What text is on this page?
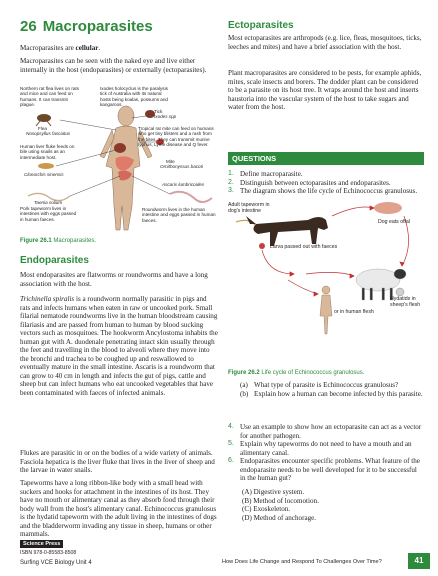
26 Macroparasites
Macroparasites are cellular.
Macroparasites can be seen with the naked eye and live either internally in the host (endoparasites) or externally (ectoparasites).
Northern rat flea lives on rats and mice and can feed on humans. It can transmit plague.
Flea
Nosopsyllus fasciatus
Ixodes holocyclus is the paralysis tick of Australia with its natural hosts being koalas, possums and kangaroos.
Tick
Ixodes spp
Tropical rat mite can feed on humans who get tiny blisters and a rash from the bites. They can transmit murine typhus, Lyme disease and Q fever.
Mite
Ornithonyssus bacoti
Human liver fluke feeds on bile using snails as an intermediate host.
Clonorchis sinensis
Ascaris lumbricoides
Taenia solium
Pork tapeworm lives in intestines with eggs passed in human faeces.
Roundworm lives in the human intestine and eggs passed in human faeces.
Figure 26.1 Macroparasites.
Endoparasites
Most endoparasites are flatworms or roundworms and have a long association with the host.
Trichinella spiralis is a roundworm normally parasitic in pigs and rats and infects humans when eaten in raw or uncooked pork. Small filarial nematode roundworms live in the human bloodstream causing filariasis and are passed from human to human by blood sucking vectors such as mosquitoes. The hookworm Ancylostoma inhabits the human gut with A. duodenale penetrating intact skin usually through the feet and travelling in the blood to alveoli where they move into the bronchi and trachea to be coughed up and reswallowed to eventually mature in the small intestine. Ascaris is a roundworm that can grow to 40 cm in length and infects the gut of pigs, cattle and sheep but can infect humans who eat uncooked vegetables that have been contaminated with faeces of infected animals.
Flukes are parasitic in or on the bodies of a wide variety of animals. Fasciola hepatica is the liver fluke that lives in the liver of sheep and the larvae in water snails.
Tapeworms have a long ribbon-like body with a small head with suckers and hooks for attachment in the intestines of its host. They have no mouth or alimentary canal as they absorb food through their body wall from the host's alimentary canal. Echinococcus granulosus is the hydatid tapeworm with the adult living in the intestines of dogs and the bladderworm invading any tissue in sheep, humans or other mammals.
Ectoparasites
Most ectoparasites are arthropods (e.g. lice, fleas, mosquitoes, ticks, leeches and mites) and have a brief association with the host.
Plant macroparasites are considered to be pests, for example aphids, mites, scale insects and borers. The dodder plant can be considered to be a parasite on its host tree. It wraps around the host and inserts haustoria into the vascular system of the host to take sugars and water from the host.
QUESTIONS
1. Define macroparasite.
2. Distinguish between ectoparasites and endoparasites.
3. The diagram shows the life cycle of Echinococcus granulosus.
Adult tapeworm in dog's intestine
Dog eats offal
Larva passed out with faeces
Hydatids in sheep's flesh
or in human flesh
Figure 26.2 Life cycle of Echinococcus granulosus.
(a) What type of parasite is Echinococcus granulosus?
(b) Explain how a human can become infected by this parasite.
4. Use an example to show how an ectoparasite can act as a vector for another pathogen.
5. Explain why tapeworms do not need to have a mouth and an alimentary canal.
6. Endoparasites encounter specific problems. What feature of the endoparasite needs to be well developed for it to be successful in the human gut?
(A) Digestive system.
(B) Method of locomotion.
(C) Exoskeleton.
(D) Method of anchorage.
Science Press
ISBN 978-0-85583-8508
Surfing VCE Biology Unit 4	How Does Life Change and Respond To Challenges Over Time?	41
